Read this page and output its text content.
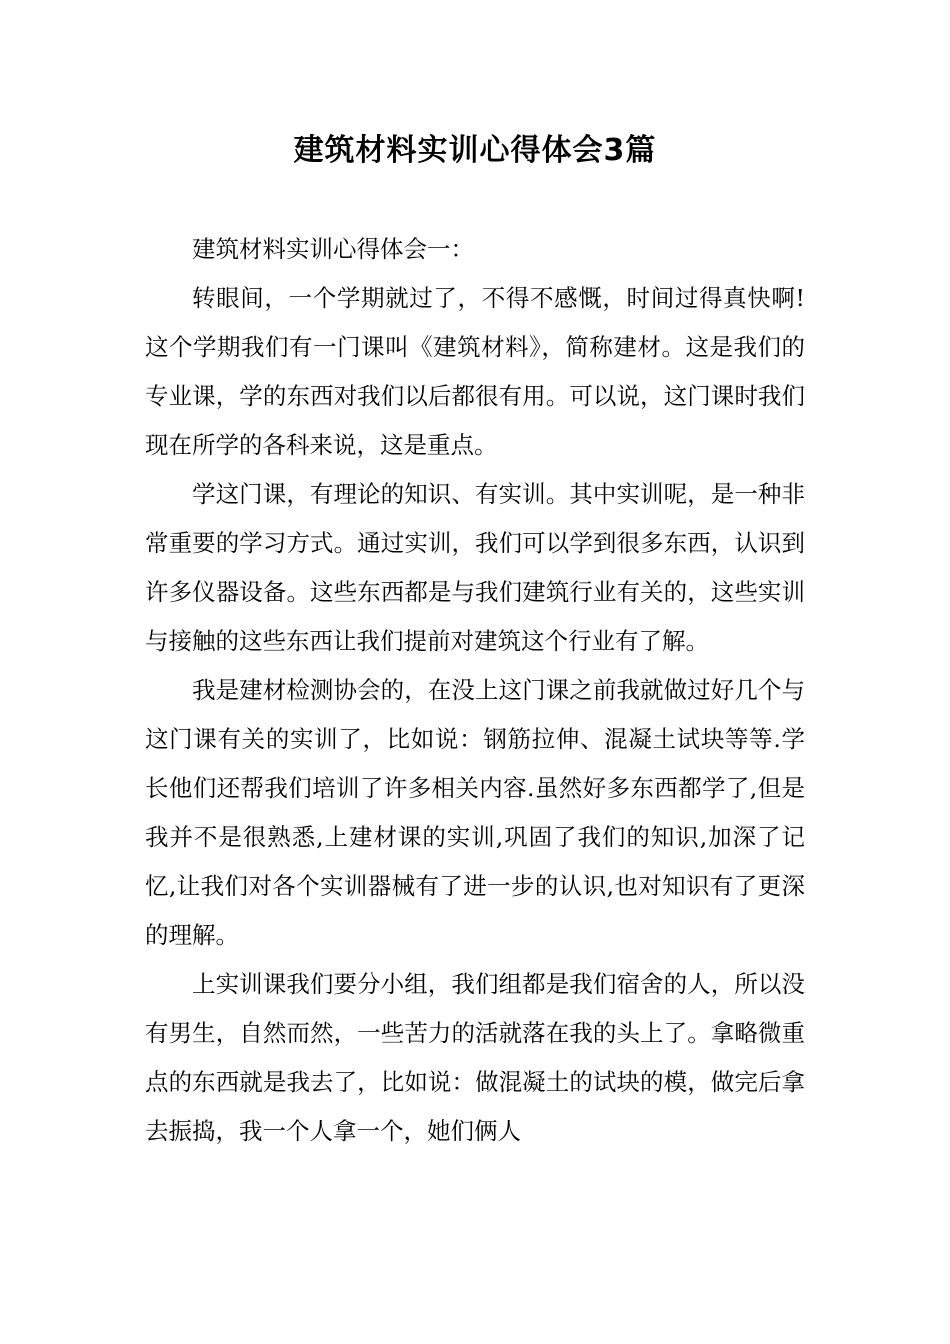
建筑材料实训心得体会3篇

建筑材料实训心得体会一：

转眼间，一个学期就过了，不得不感慨，时间过得真快啊!这个学期我们有一门课叫《建筑材料》，简称建材。这是我们的专业课，学的东西对我们以后都很有用。可以说，这门课时我们现在所学的各科来说，这是重点。

学这门课，有理论的知识、有实训。其中实训呢，是一种非常重要的学习方式。通过实训，我们可以学到很多东西，认识到许多仪器设备。这些东西都是与我们建筑行业有关的，这些实训与接触的这些东西让我们提前对建筑这个行业有了解。

我是建材检测协会的，在没上这门课之前我就做过好几个与这门课有关的实训了，比如说：钢筋拉伸、混凝土试块等等.学长他们还帮我们培训了许多相关内容.虽然好多东西都学了,但是我并不是很熟悉,上建材课的实训,巩固了我们的知识,加深了记忆,让我们对各个实训器械有了进一步的认识,也对知识有了更深的理解。

上实训课我们要分小组，我们组都是我们宿舍的人，所以没有男生，自然而然，一些苦力的活就落在我的头上了。拿略微重点的东西就是我去了，比如说：做混凝土的试块的模，做完后拿去振捣，我一个人拿一个，她们俩人
